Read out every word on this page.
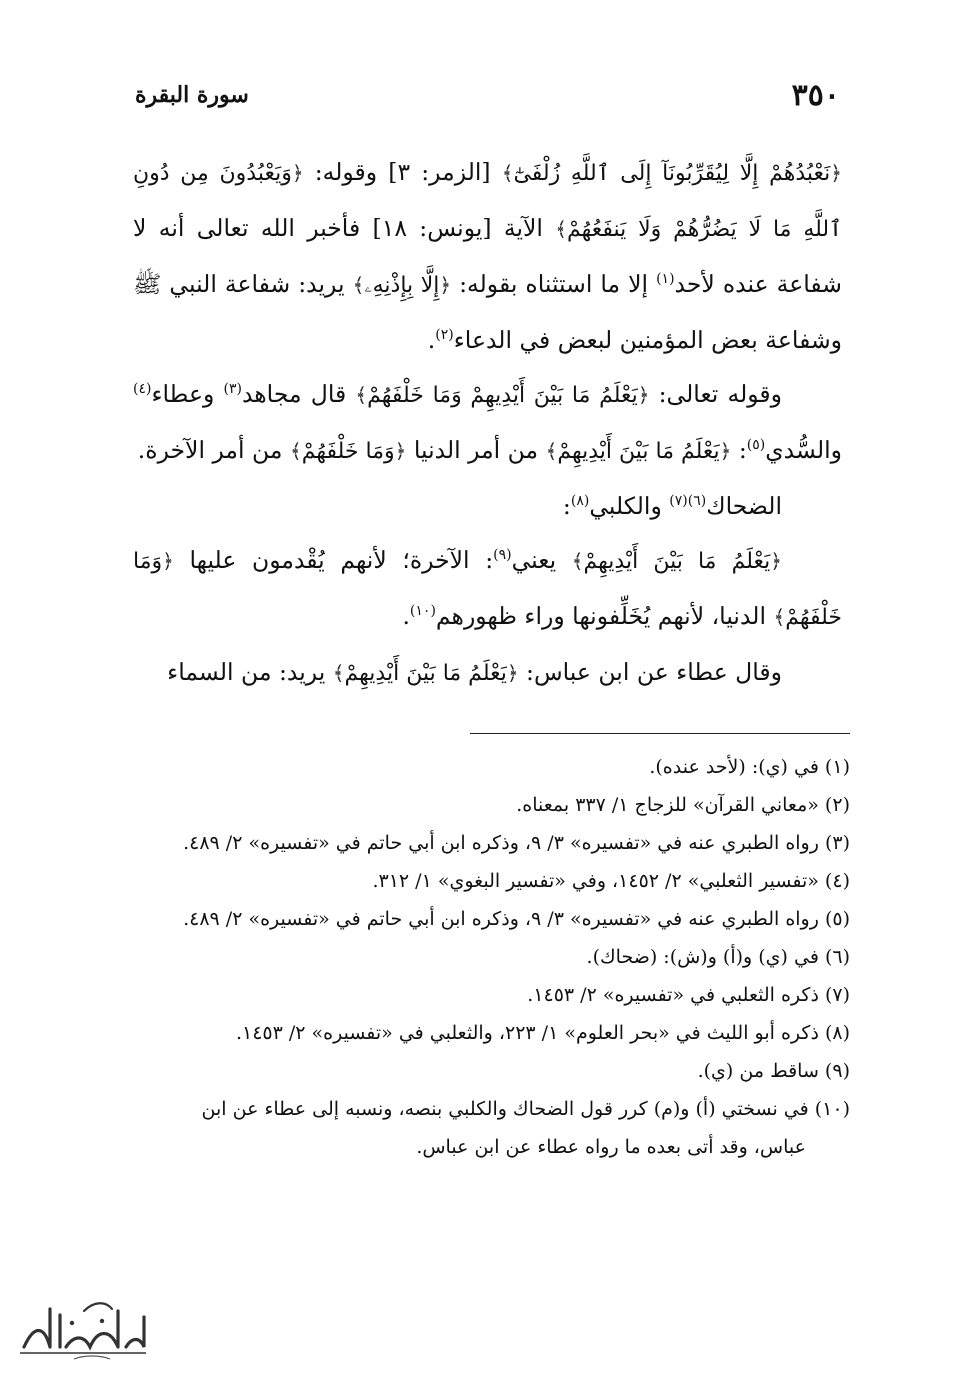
٣٥٠
سورة البقرة

﴿نَعْبُدُهُمْ إِلَّا لِيُقَرِّبُونَآ إِلَى ٱللَّهِ زُلْفَىٰٓ﴾ [الزمر: ٣] وقوله: ﴿وَيَعْبُدُونَ مِن دُونِ ٱللَّهِ مَا لَا يَضُرُّهُمْ وَلَا يَنفَعُهُمْ﴾ الآية [يونس: ١٨] فأخبر الله تعالى أنه لا شفاعة عنده لأحد$^{(١)}$ إلا ما استثناه بقوله: ﴿إِلَّا بِإِذْنِهِۦ﴾ يريد: شفاعة النبي ﷺ وشفاعة بعض المؤمنين لبعض في الدعاء$^{(٢)}$.

وقوله تعالى: ﴿يَعْلَمُ مَا بَيْنَ أَيْدِيهِمْ وَمَا خَلْفَهُمْ﴾ قال مجاهد$^{(٣)}$ وعطاء$^{(٤)}$ والسُّدي$^{(٥)}$: ﴿يَعْلَمُ مَا بَيْنَ أَيْدِيهِمْ﴾ من أمر الدنيا ﴿وَمَا خَلْفَهُمْ﴾ من أمر الآخرة.

الضحاك$^{(٦)(٧)}$ والكلبي$^{(٨)}$:

﴿يَعْلَمُ مَا بَيْنَ أَيْدِيهِمْ﴾ يعني$^{(٩)}$: الآخرة؛ لأنهم يُقْدمون عليها ﴿وَمَا خَلْفَهُمْ﴾ الدنيا، لأنهم يُخَلِّفونها وراء ظهورهم$^{(١٠)}$.

وقال عطاء عن ابن عباس: ﴿يَعْلَمُ مَا بَيْنَ أَيْدِيهِمْ﴾ يريد: من السماء

(١) في (ي): (لأحد عنده).

(٢) «معاني القرآن» للزجاج ١/ ٣٣٧ بمعناه.

(٣) رواه الطبري عنه في «تفسيره» ٣/ ٩، وذكره ابن أبي حاتم في «تفسيره» ٢/ ٤٨٩.

(٤) «تفسير الثعلبي» ٢/ ١٤٥٢، وفي «تفسير البغوي» ١/ ٣١٢.

(٥) رواه الطبري عنه في «تفسيره» ٣/ ٩، وذكره ابن أبي حاتم في «تفسيره» ٢/ ٤٨٩.

(٦) في (ي) و(أ) و(ش): (ضحاك).

(٧) ذكره الثعلبي في «تفسيره» ٢/ ١٤٥٣.

(٨) ذكره أبو الليث في «بحر العلوم» ١/ ٢٢٣، والثعلبي في «تفسيره» ٢/ ١٤٥٣.

(٩) ساقط من (ي).

(١٠) في نسختي (أ) و(م) كرر قول الضحاك والكلبي بنصه، ونسبه إلى عطاء عن ابن

عباس، وقد أتى بعده ما رواه عطاء عن ابن عباس.
